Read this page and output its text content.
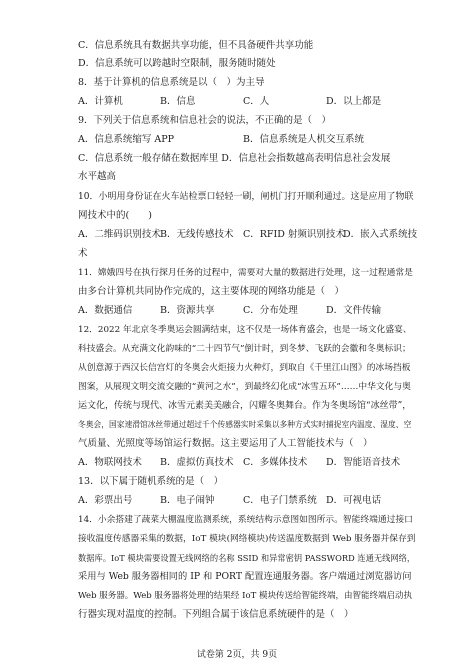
C．信息系统具有数据共享功能，但不具备硬件共享功能
D．信息系统可以跨越时空限制，服务随时随处
8．基于计算机的信息系统是以（　）为主导
A．计算机	B．信息	C．人	D．以上都是
9．下列关于信息系统和信息社会的说法，不正确的是（　）
A．信息系统缩写 APP	B．信息系统是人机交互系统
C．信息系统一般存储在数据库里 D．信息社会指数越高表明信息社会发展
水平越高
10．小明用身份证在火车站检票口轻轻一刷，闸机门打开顺利通过。这是应用了物联
网技术中的(　　)
A．二维码识别技术 B．无线传感技术 C．RFID 射频识别技术
D．嵌入式系统技
术
11．嫦娥四号在执行探月任务的过程中，需要对大量的数据进行处理，这一过程通常是
由多台计算机共同协作完成的，这主要体现的网络功能是（　）
A．数据通信	B．资源共享	C．分布处理	D．文件传输
12．2022 年北京冬季奥运会圆满结束，这不仅是一场体育盛会，也是一场文化盛宴、
科技盛会。从充满文化韵味的“二十四节气”倒计时，到冬梦、飞跃的会徽和冬奥标识；
从创意源于西汉长信宫灯的冬奥会火炬接力火种灯，到取自《千里江山图》的冰场挡板
图案，从展现文明交流交融的“黄河之水”，到最终幻化成“冰雪五环”……中华文化与奥
运文化，传统与现代、冰雪元素美美融合，闪耀冬奥舞台。作为冬奥场馆“冰丝带”，
冬奥会，国家速滑馆冰丝带通过超过千个传感器实时采集以多种方式实时捕捉室内温度、湿度、空
气质量、光照度等场馆运行数据。这主要运用了人工智能技术与（　）
A．物联网技术 B．虚拟仿真技术 C．多媒体技术 D．智能语音技术
13．以下属于随机系统的是（　）
A．彩票出号	B．电子闹钟	C．电子门禁系统 D．可视电话
14．小余搭建了蔬菜大棚温度监测系统，系统结构示意图如图所示。智能终端通过接口
接收温度传感器采集的数据，IoT 模块(网络模块)传送温度数据到 Web 服务器并保存到
数据库。IoT 模块需要设置无线网络的名称 SSID 和异常密钥 PASSWORD 连通无线网络，
采用与 Web 服务器相同的 IP 和 PORT 配置连通服务器。客户端通过浏览器访问
Web 服务器。Web 服务器将处理的结果经 IoT 模块传送给智能终端，由智能终端启动执
行器实现对温度的控制。下列组合属于该信息系统硬件的是（　）
试卷第 2页，共 9页
